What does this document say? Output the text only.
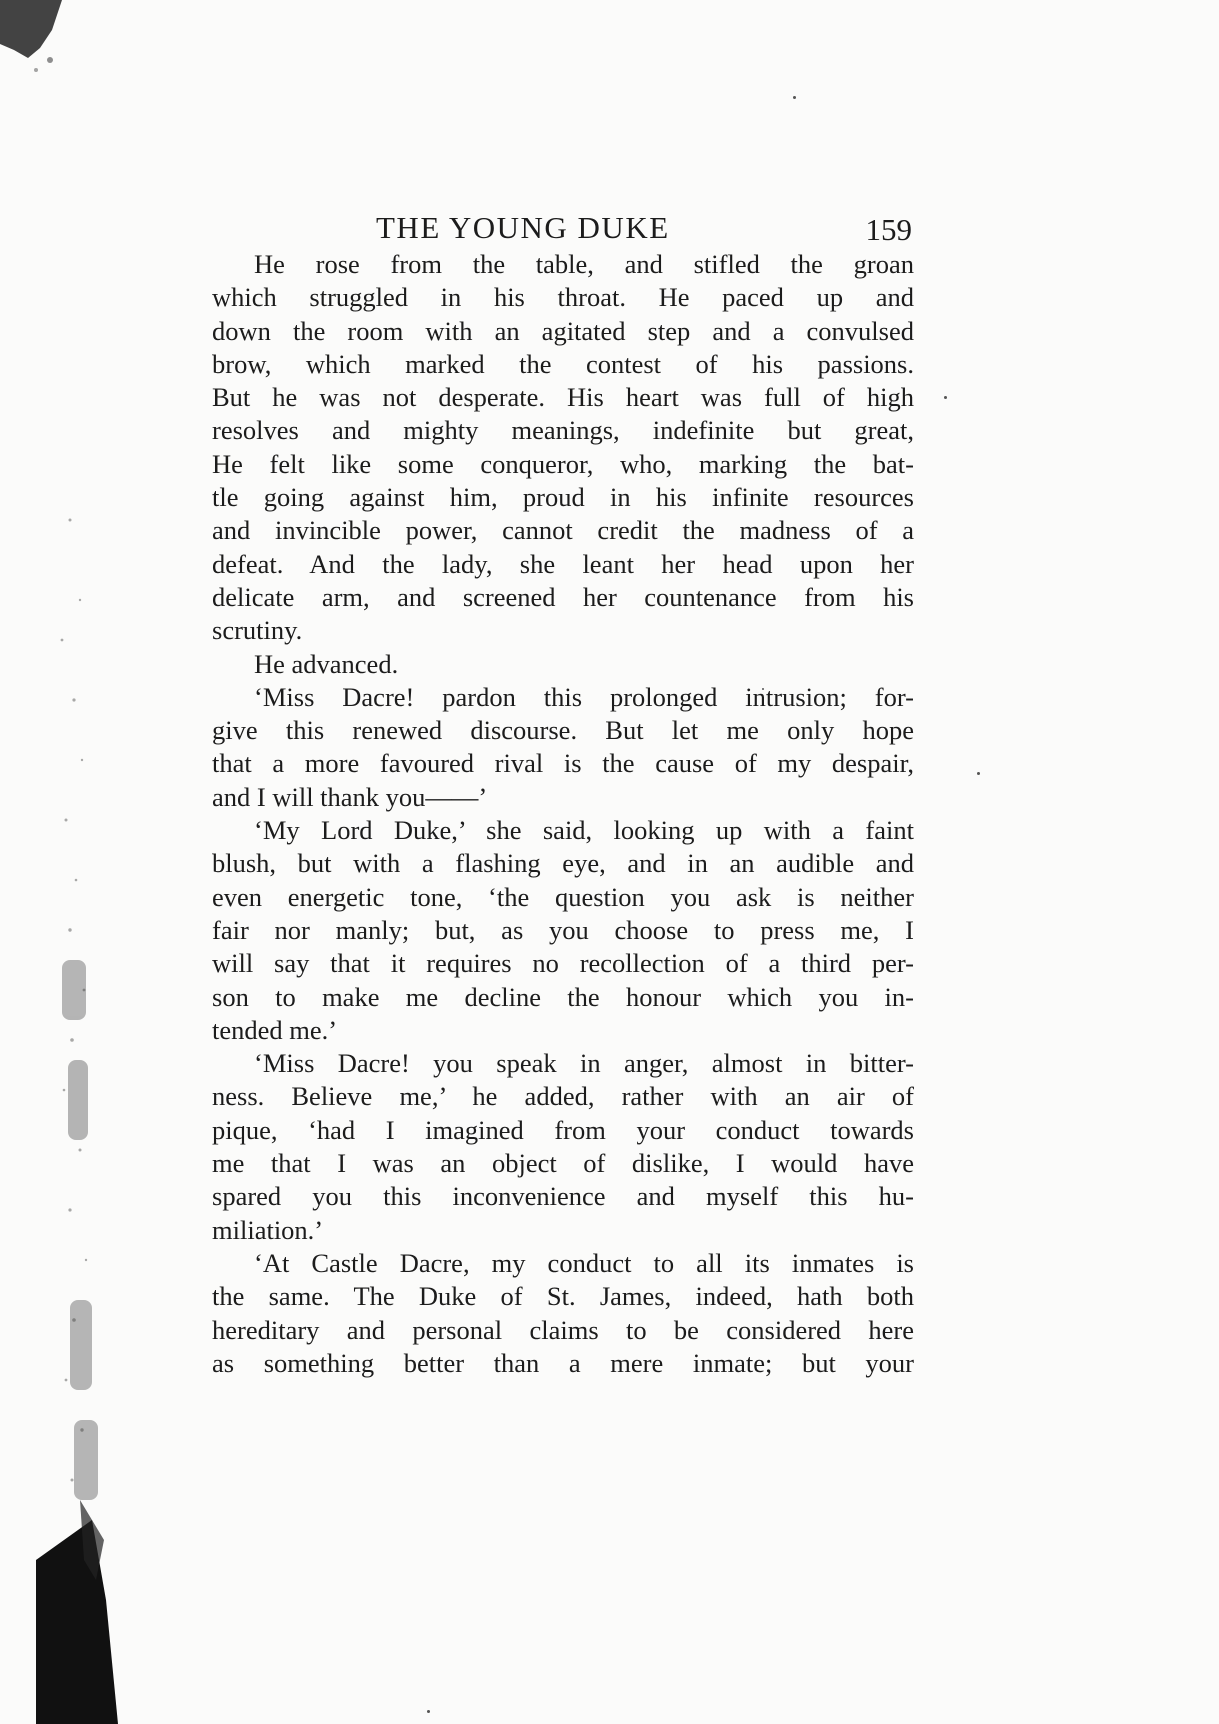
THE YOUNG DUKE	159
He rose from the table, and stifled the groan
which struggled in his throat. He paced up and
down the room with an agitated step and a convulsed
brow, which marked the contest of his passions.
But he was not desperate. His heart was full of high
resolves and mighty meanings, indefinite but great,
He felt like some conqueror, who, marking the bat-
tle going against him, proud in his infinite resources
and invincible power, cannot credit the madness of a
defeat. And the lady, she leant her head upon her
delicate arm, and screened her countenance from his
scrutiny.
He advanced.
‘Miss Dacre! pardon this prolonged intrusion; for-
give this renewed discourse. But let me only hope
that a more favoured rival is the cause of my despair,
and I will thank you——’
‘My Lord Duke,’ she said, looking up with a faint
blush, but with a flashing eye, and in an audible and
even energetic tone, ‘the question you ask is neither
fair nor manly; but, as you choose to press me, I
will say that it requires no recollection of a third per-
son to make me decline the honour which you in-
tended me.’
‘Miss Dacre! you speak in anger, almost in bitter-
ness. Believe me,’ he added, rather with an air of
pique, ‘had I imagined from your conduct towards
me that I was an object of dislike, I would have
spared you this inconvenience and myself this hu-
miliation.’
‘At Castle Dacre, my conduct to all its inmates is
the same. The Duke of St. James, indeed, hath both
hereditary and personal claims to be considered here
as something better than a mere inmate; but your
